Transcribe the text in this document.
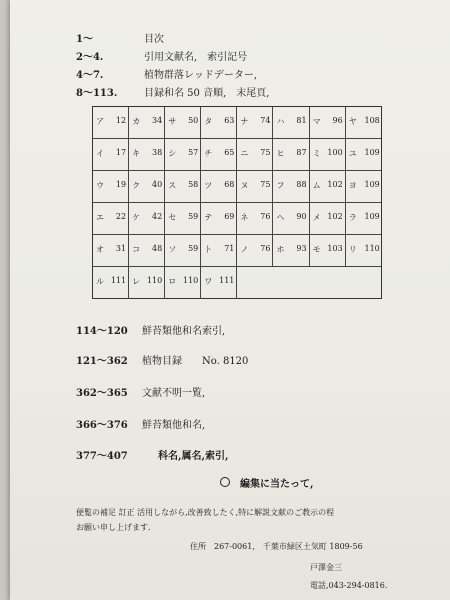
1～	目次
2～4.	引用文献名,　索引記号
4～7.	植物群落レッドデーター,
8～113.	目録和名 50 音順,　末尾頁,
ア 12 カ 34 サ 50 タ 63 ナ 74 ハ 81 マ 96 ヤ 108
イ 17 キ 38 シ 57 チ 65 ニ 75 ヒ 87 ミ 100 ユ 109
ウ 19 ク 40 ス 58 ツ 68 ヌ 75 フ 88 ム 102 ヨ 109
エ 22 ケ 42 セ 59 テ 69 ネ 76 ヘ 90 メ 102 ラ 109
オ 31 コ 48 ソ 59 ト 71 ノ 76 ホ 93 モ 103 リ 110
ル 111 レ 110 ロ 110 ワ 111
114～120 鮮苔類他和名索引,
121～362 植物目録　　No. 8120
362～365 文献不明一覧,
366～376 鮮苔類他和名,
377～407	科名,属名,索引,
編集に当たって,
便覧の補足 訂正 活用しながら,改善致したく,特に解説文献のご教示の程
お願い申し上げます.
住所　267-0061,　千葉市緑区土気町 1809-56
戸澤金三
電話,043-294-0816.
